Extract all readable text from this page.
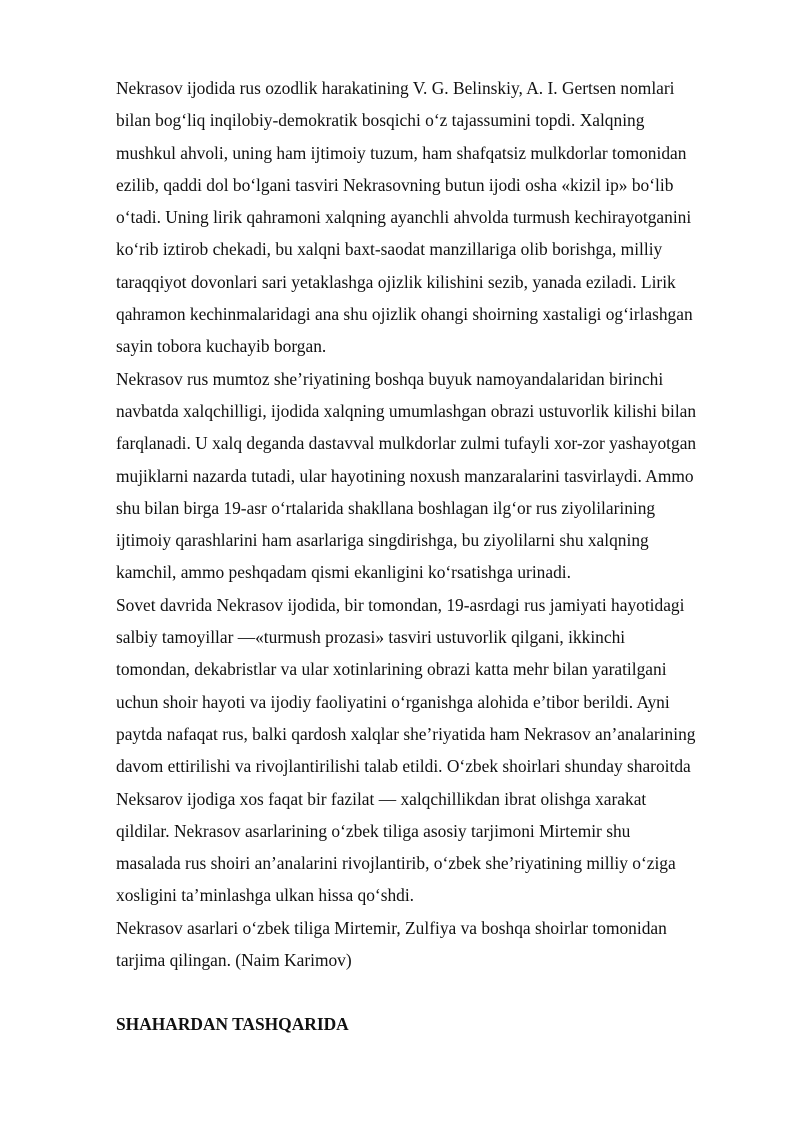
Nekrasov ijodida rus ozodlik harakatining V. G. Belinskiy, A. I. Gertsen nomlari
bilan bog‘liq inqilobiy-demokratik bosqichi o‘z tajassumini topdi. Xalqning
mushkul ahvoli, uning ham ijtimoiy tuzum, ham shafqatsiz mulkdorlar tomonidan
ezilib, qaddi dol bo‘lgani tasviri Nekrasovning butun ijodi osha «kizil ip» bo‘lib
o‘tadi. Uning lirik qahramoni xalqning ayanchli ahvolda turmush kechirayotganini
ko‘rib iztirob chekadi, bu xalqni baxt-saodat manzillariga olib borishga, milliy
taraqqiyot dovonlari sari yetaklashga ojizlik kilishini sezib, yanada eziladi. Lirik
qahramon kechinmalaridagi ana shu ojizlik ohangi shoirning xastaligi og‘irlashgan
sayin tobora kuchayib borgan.

Nekrasov rus mumtoz she’riyatining boshqa buyuk namoyandalaridan birinchi
navbatda xalqchilligi, ijodida xalqning umumlashgan obrazi ustuvorlik kilishi bilan
farqlanadi. U xalq deganda dastavval mulkdorlar zulmi tufayli xor-zor yashayotgan
mujiklarni nazarda tutadi, ular hayotining noxush manzaralarini tasvirlaydi. Ammo
shu bilan birga 19-asr o‘rtalarida shakllana boshlagan ilg‘or rus ziyolilarining
ijtimoiy qarashlarini ham asarlariga singdirishga, bu ziyolilarni shu xalqning
kamchil, ammo peshqadam qismi ekanligini ko‘rsatishga urinadi.

Sovet davrida Nekrasov ijodida, bir tomondan, 19-asrdagi rus jamiyati hayotidagi
salbiy tamoyillar —«turmush prozasi» tasviri ustuvorlik qilgani, ikkinchi
tomondan, dekabristlar va ular xotinlarining obrazi katta mehr bilan yaratilgani
uchun shoir hayoti va ijodiy faoliyatini o‘rganishga alohida e’tibor berildi. Ayni
paytda nafaqat rus, balki qardosh xalqlar she’riyatida ham Nekrasov an’analarining
davom ettirilishi va rivojlantirilishi talab etildi. O‘zbek shoirlari shunday sharoitda
Neksarov ijodiga xos faqat bir fazilat — xalqchillikdan ibrat olishga xarakat
qildilar. Nekrasov asarlarining o‘zbek tiliga asosiy tarjimoni Mirtemir shu
masalada rus shoiri an’analarini rivojlantirib, o‘zbek she’riyatining milliy o‘ziga
xosligini ta’minlashga ulkan hissa qo‘shdi.

Nekrasov asarlari o‘zbek tiliga Mirtemir, Zulfiya va boshqa shoirlar tomonidan
tarjima qilingan. (Naim Karimov)

SHAHARDAN TASHQARIDA
